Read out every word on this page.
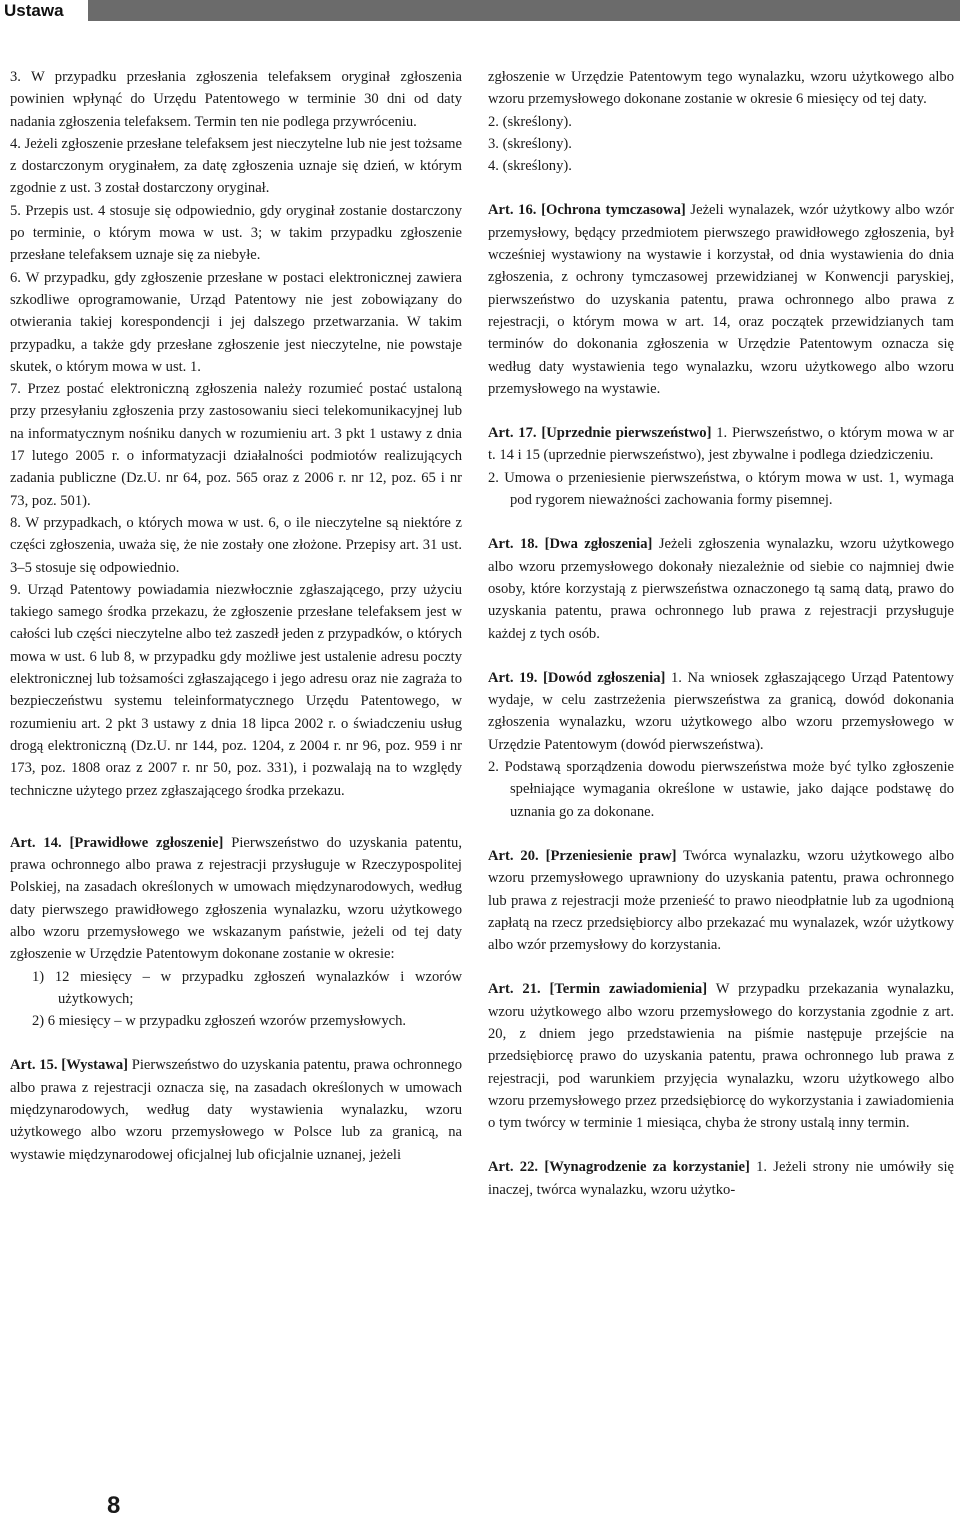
Ustawa

3. W przypadku przesłania zgłoszenia telefaksem oryginał zgłoszenia powinien wpłynąć do Urzędu Patentowego w terminie 30 dni od daty nadania zgłoszenia telefaksem. Termin ten nie podlega przywróceniu.

4. Jeżeli zgłoszenie przesłane telefaksem jest nieczytelne lub nie jest tożsame z dostarczonym oryginałem, za datę zgłoszenia uznaje się dzień, w którym zgodnie z ust. 3 został dostarczony oryginał.

5. Przepis ust. 4 stosuje się odpowiednio, gdy oryginał zostanie dostarczony po terminie, o którym mowa w ust. 3; w takim przypadku zgłoszenie przesłane telefaksem uznaje się za niebyłe.

6. W przypadku, gdy zgłoszenie przesłane w postaci elektronicznej zawiera szkodliwe oprogramowanie, Urząd Patentowy nie jest zobowiązany do otwierania takiej korespondencji i jej dalszego przetwarzania. W takim przypadku, a także gdy przesłane zgłoszenie jest nieczytelne, nie powstaje skutek, o którym mowa w ust. 1.

7. Przez postać elektroniczną zgłoszenia należy rozumieć postać ustaloną przy przesyłaniu zgłoszenia przy zastosowaniu sieci telekomunikacyjnej lub na informatycznym nośniku danych w rozumieniu art. 3 pkt 1 ustawy z dnia 17 lutego 2005 r. o informatyzacji działalności podmiotów realizujących zadania publiczne (Dz.U. nr 64, poz. 565 oraz z 2006 r. nr 12, poz. 65 i nr 73, poz. 501).

8. W przypadkach, o których mowa w ust. 6, o ile nieczytelne są niektóre z części zgłoszenia, uważa się, że nie zostały one złożone. Przepisy art. 31 ust. 3–5 stosuje się odpowiednio.

9. Urząd Patentowy powiadamia niezwłocznie zgłaszającego, przy użyciu takiego samego środka przekazu, że zgłoszenie przesłane telefaksem jest w całości lub części nieczytelne albo też zaszedł jeden z przypadków, o których mowa w ust. 6 lub 8, w przypadku gdy możliwe jest ustalenie adresu poczty elektronicznej lub tożsamości zgłaszającego i jego adresu oraz nie zagraża to bezpieczeństwu systemu teleinformatycznego Urzędu Patentowego, w rozumieniu art. 2 pkt 3 ustawy z dnia 18 lipca 2002 r. o świadczeniu usług drogą elektroniczną (Dz.U. nr 144, poz. 1204, z 2004 r. nr 96, poz. 959 i nr 173, poz. 1808 oraz z 2007 r. nr 50, poz. 331), i pozwalają na to względy techniczne użytego przez zgłaszającego środka przekazu.

Art. 14. [Prawidłowe zgłoszenie] Pierwszeństwo do uzyskania patentu, prawa ochronnego albo prawa z rejestracji przysługuje w Rzeczypospolitej Polskiej, na zasadach określonych w umowach międzynarodowych, według daty pierwszego prawidłowego zgłoszenia wynalazku, wzoru użytkowego albo wzoru przemysłowego we wskazanym państwie, jeżeli od tej daty zgłoszenie w Urzędzie Patentowym dokonane zostanie w okresie:

1) 12 miesięcy – w przypadku zgłoszeń wynalazków i wzorów użytkowych;

2) 6 miesięcy – w przypadku zgłoszeń wzorów przemysłowych.

Art. 15. [Wystawa] Pierwszeństwo do uzyskania patentu, prawa ochronnego albo prawa z rejestracji oznacza się, na zasadach określonych w umowach międzynarodowych, według daty wystawienia wynalazku, wzoru użytkowego albo wzoru przemysłowego w Polsce lub za granicą, na wystawie międzynarodowej oficjalnej lub oficjalnie uznanej, jeżeli

zgłoszenie w Urzędzie Patentowym tego wynalazku, wzoru użytkowego albo wzoru przemysłowego dokonane zostanie w okresie 6 miesięcy od tej daty.

2. (skreślony).

3. (skreślony).

4. (skreślony).

Art. 16. [Ochrona tymczasowa] Jeżeli wynalazek, wzór użytkowy albo wzór przemysłowy, będący przedmiotem pierwszego prawidłowego zgłoszenia, był wcześniej wystawiony na wystawie i korzystał, od dnia wystawienia do dnia zgłoszenia, z ochrony tymczasowej przewidzianej w Konwencji paryskiej, pierwszeństwo do uzyskania patentu, prawa ochronnego albo prawa z rejestracji, o którym mowa w art. 14, oraz początek przewidzianych tam terminów do dokonania zgłoszenia w Urzędzie Patentowym oznacza się według daty wystawienia tego wynalazku, wzoru użytkowego albo wzoru przemysłowego na wystawie.

Art. 17. [Uprzednie pierwszeństwo] 1. Pierwszeństwo, o którym mowa w ar t. 14 i 15 (uprzednie pierwszeństwo), jest zbywalne i podlega dziedziczeniu.

2. Umowa o przeniesienie pierwszeństwa, o którym mowa w ust. 1, wymaga pod rygorem nieważności zachowania formy pisemnej.

Art. 18. [Dwa zgłoszenia] Jeżeli zgłoszenia wynalazku, wzoru użytkowego albo wzoru przemysłowego dokonały niezależnie od siebie co najmniej dwie osoby, które korzystają z pierwszeństwa oznaczonego tą samą datą, prawo do uzyskania patentu, prawa ochronnego lub prawa z rejestracji przysługuje każdej z tych osób.

Art. 19. [Dowód zgłoszenia] 1. Na wniosek zgłaszającego Urząd Patentowy wydaje, w celu zastrzeżenia pierwszeństwa za granicą, dowód dokonania zgłoszenia wynalazku, wzoru użytkowego albo wzoru przemysłowego w Urzędzie Patentowym (dowód pierwszeństwa).

2. Podstawą sporządzenia dowodu pierwszeństwa może być tylko zgłoszenie spełniające wymagania określone w ustawie, jako dające podstawę do uznania go za dokonane.

Art. 20. [Przeniesienie praw] Twórca wynalazku, wzoru użytkowego albo wzoru przemysłowego uprawniony do uzyskania patentu, prawa ochronnego lub prawa z rejestracji może przenieść to prawo nieodpłatnie lub za ugodnioną zapłatą na rzecz przedsiębiorcy albo przekazać mu wynalazek, wzór użytkowy albo wzór przemysłowy do korzystania.

Art. 21. [Termin zawiadomienia] W przypadku przekazania wynalazku, wzoru użytkowego albo wzoru przemysłowego do korzystania zgodnie z art. 20, z dniem jego przedstawienia na piśmie następuje przejście na przedsiębiorcę prawo do uzyskania patentu, prawa ochronnego lub prawa z rejestracji, pod warunkiem przyjęcia wynalazku, wzoru użytkowego albo wzoru przemysłowego przez przedsiębiorcę do wykorzystania i zawiadomienia o tym twórcy w terminie 1 miesiąca, chyba że strony ustalą inny termin.

Art. 22. [Wynagrodzenie za korzystanie] 1. Jeżeli strony nie umówiły się inaczej, twórca wynalazku, wzoru użytko-

8
